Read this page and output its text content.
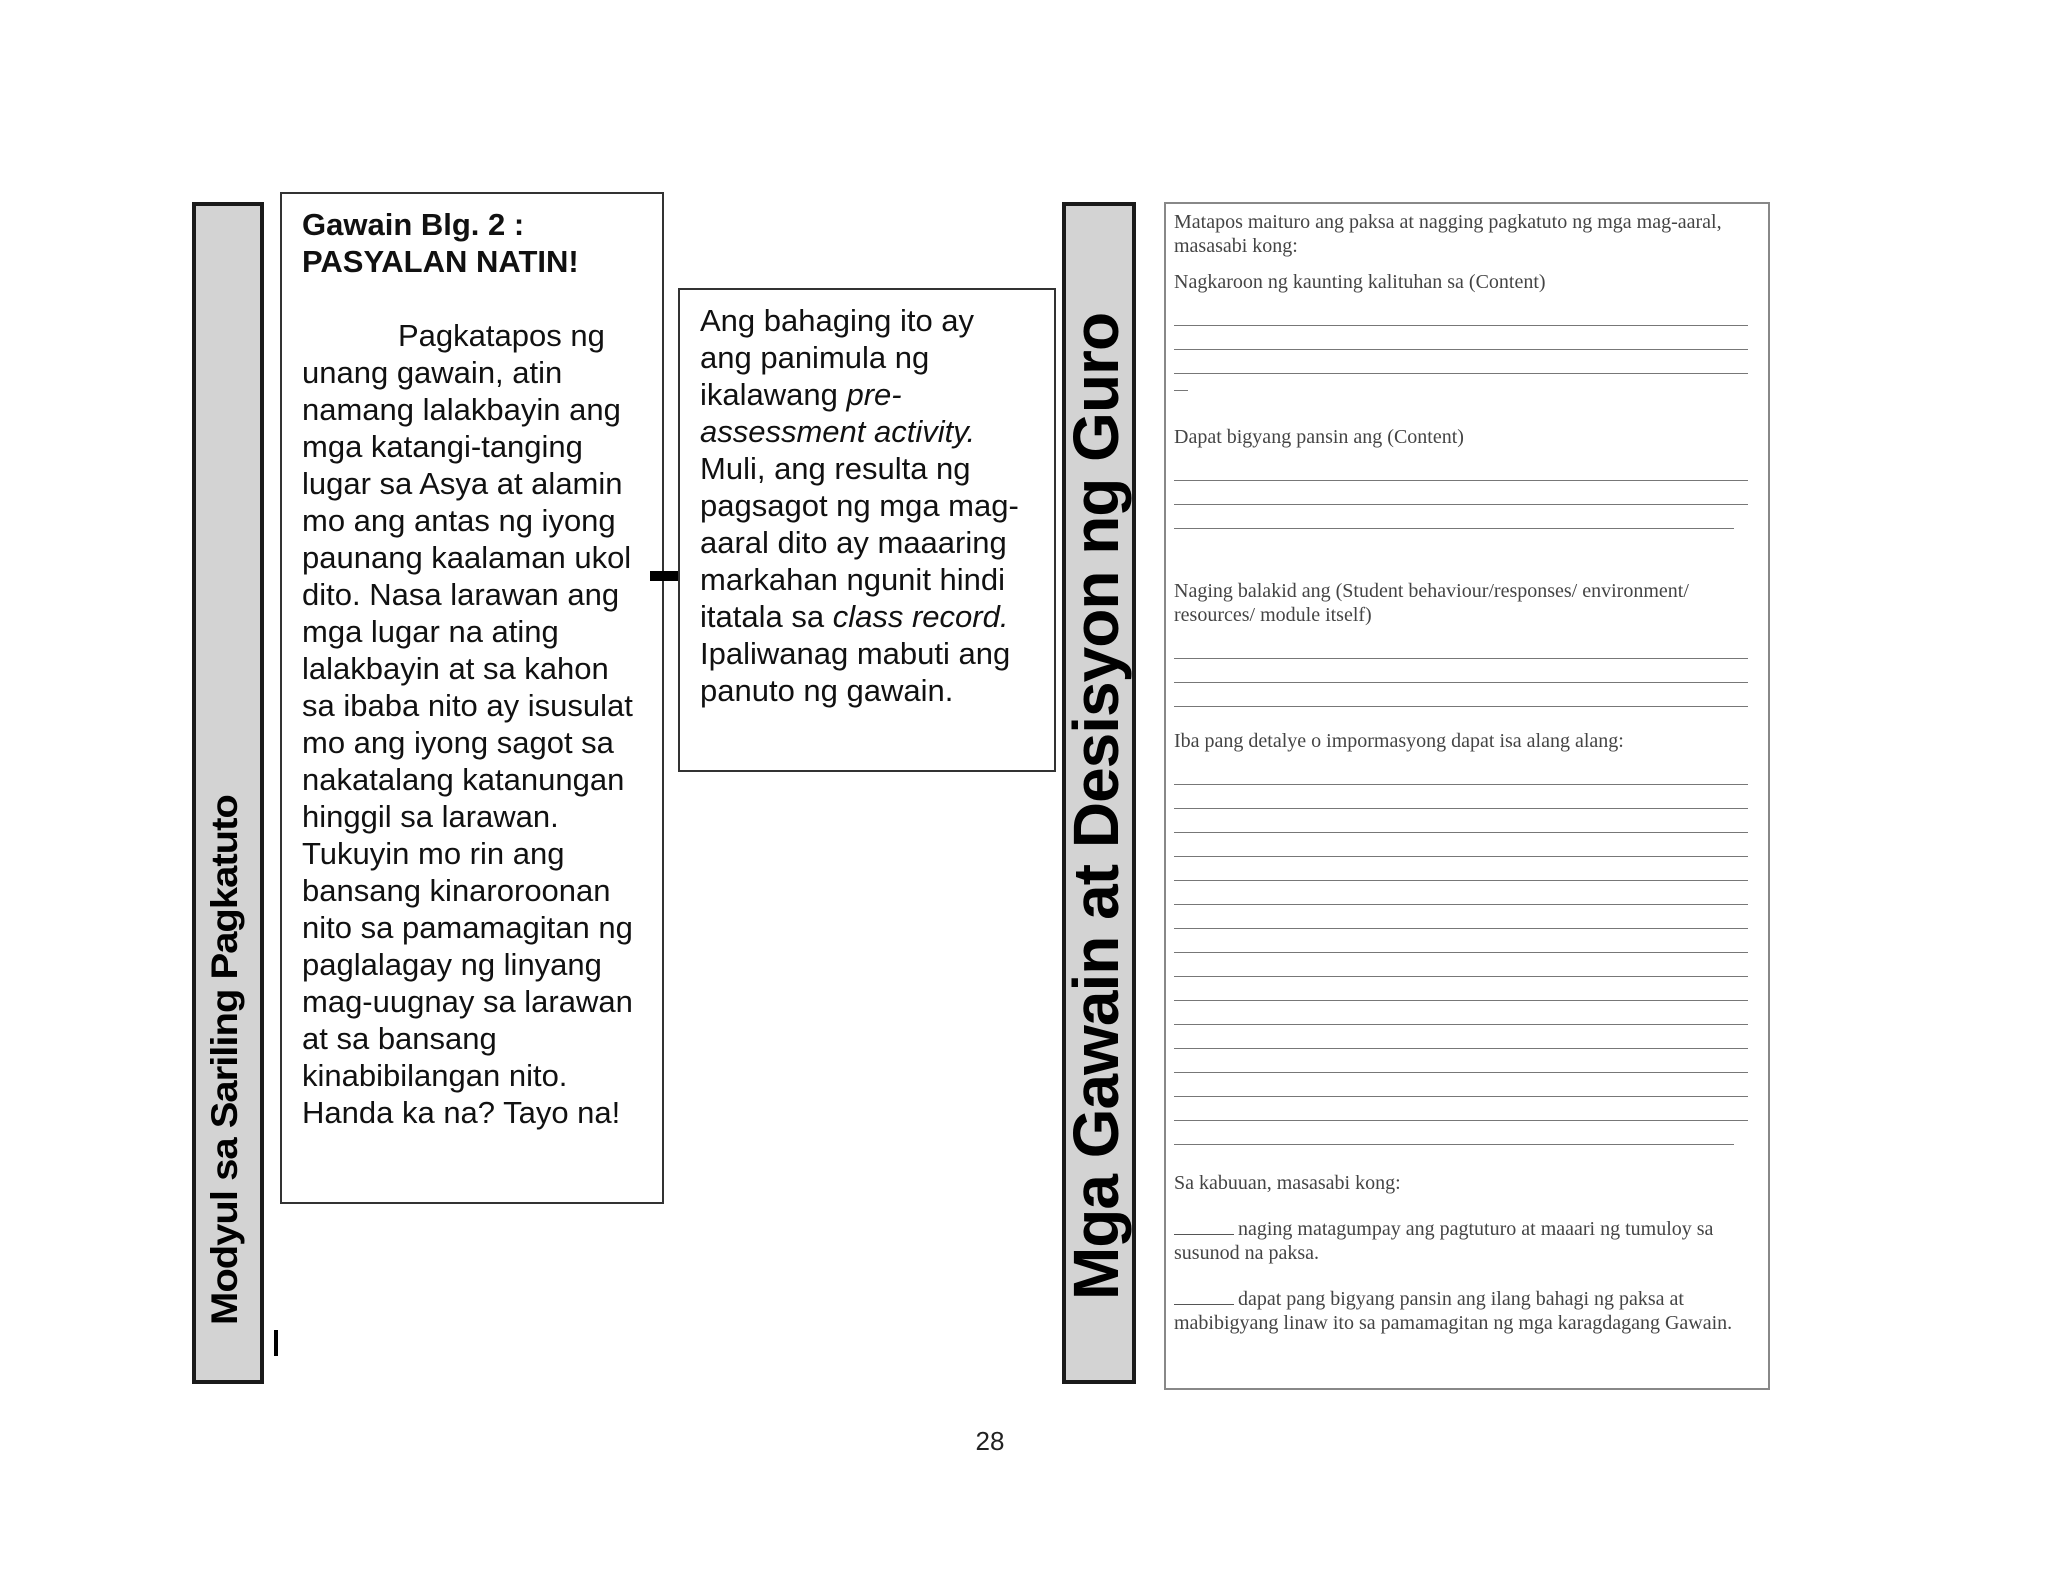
Modyul sa Sariling Pagkatuto

Gawain Blg. 2 :

PASYALAN NATIN!

Pagkatapos ng unang gawain, atin namang lalakbayin ang mga katangi-tanging lugar sa Asya at alamin mo ang antas ng iyong paunang kaalaman ukol dito. Nasa larawan ang mga lugar na ating lalakbayin at sa kahon sa ibaba nito ay isusulat mo ang iyong sagot sa nakatalang katanungan hinggil sa larawan. Tukuyin mo rin ang bansang kinaroroonan nito sa pamamagitan ng paglalagay ng linyang mag-uugnay sa larawan at sa bansang kinabibilangan nito. Handa ka na? Tayo na!

Ang bahaging ito ay ang panimula ng ikalawang pre-assessment activity. Muli, ang resulta ng pagsagot ng mga mag-aaral dito ay maaaring markahan ngunit hindi itatala sa class record. Ipaliwanag mabuti ang panuto ng gawain.	Mga Gawain at Desisyon ng Guro

Matapos maituro ang paksa at nagging pagkatuto ng mga mag-aaral, masasabi kong:

Nagkaroon ng kaunting kalituhan sa (Content)

Dapat bigyang pansin ang (Content)

Naging balakid ang (Student behaviour/responses/ environment/ resources/ module itself)

Iba pang detalye o impormasyong dapat isa alang alang:

Sa kabuuan, masasabi kong:

naging matagumpay ang pagtuturo at maaari ng tumuloy sa susunod na paksa.

dapat pang bigyang pansin ang ilang bahagi ng paksa at mabibigyang linaw ito sa pamamagitan ng mga karagdagang Gawain.

28
